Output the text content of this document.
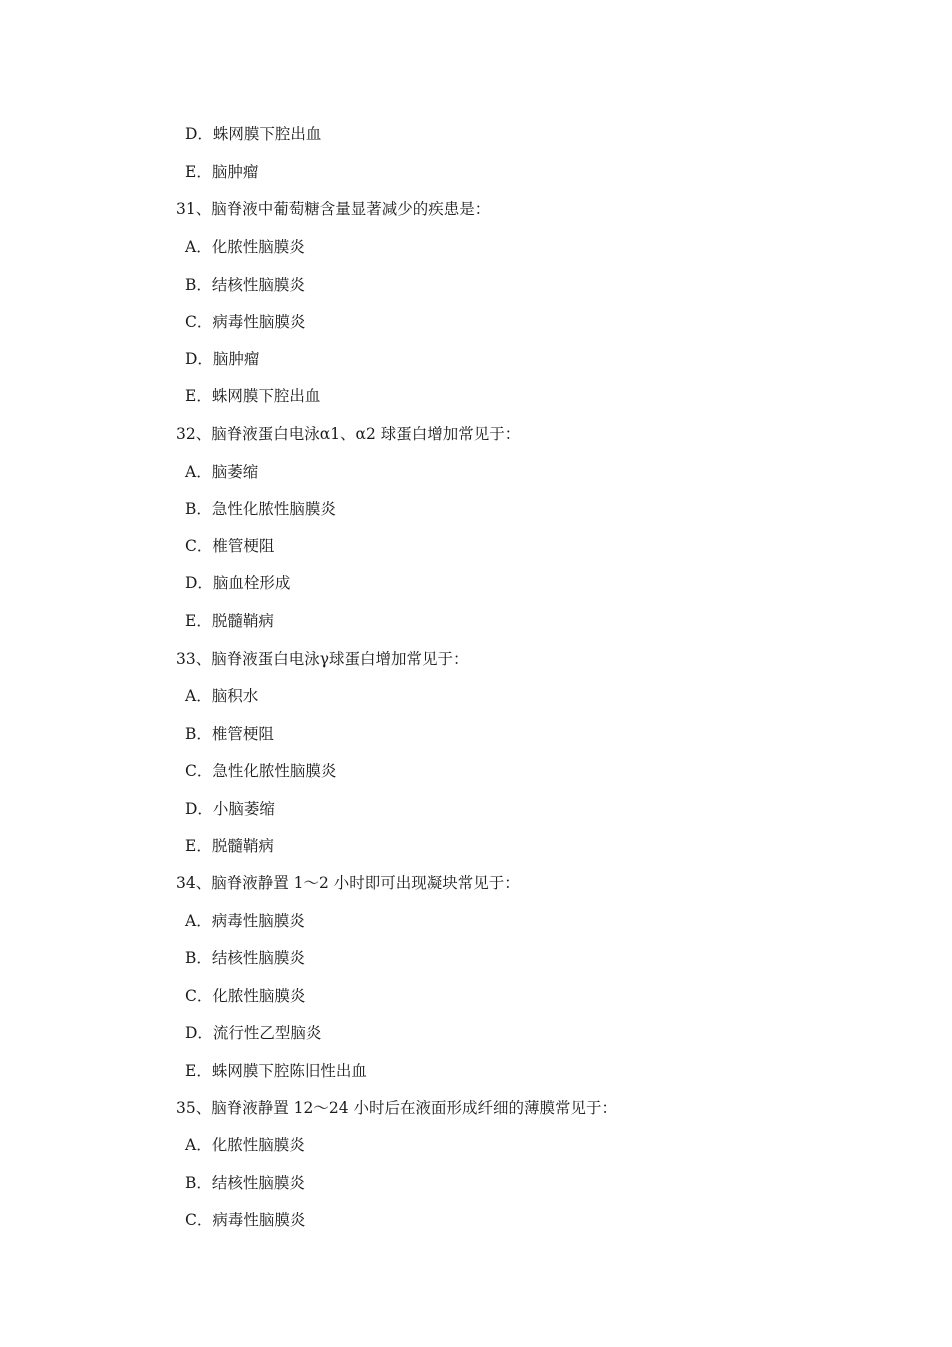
D．蛛网膜下腔出血
E．脑肿瘤
31、脑脊液中葡萄糖含量显著减少的疾患是：
A．化脓性脑膜炎
B．结核性脑膜炎
C．病毒性脑膜炎
D．脑肿瘤
E．蛛网膜下腔出血
32、脑脊液蛋白电泳α1、α2 球蛋白增加常见于：
A．脑萎缩
B．急性化脓性脑膜炎
C．椎管梗阻
D．脑血栓形成
E．脱髓鞘病
33、脑脊液蛋白电泳γ球蛋白增加常见于：
A．脑积水
B．椎管梗阻
C．急性化脓性脑膜炎
D．小脑萎缩
E．脱髓鞘病
34、脑脊液静置 1～2 小时即可出现凝块常见于：
A．病毒性脑膜炎
B．结核性脑膜炎
C．化脓性脑膜炎
D．流行性乙型脑炎
E．蛛网膜下腔陈旧性出血
35、脑脊液静置 12～24 小时后在液面形成纤细的薄膜常见于：
A．化脓性脑膜炎
B．结核性脑膜炎
C．病毒性脑膜炎
